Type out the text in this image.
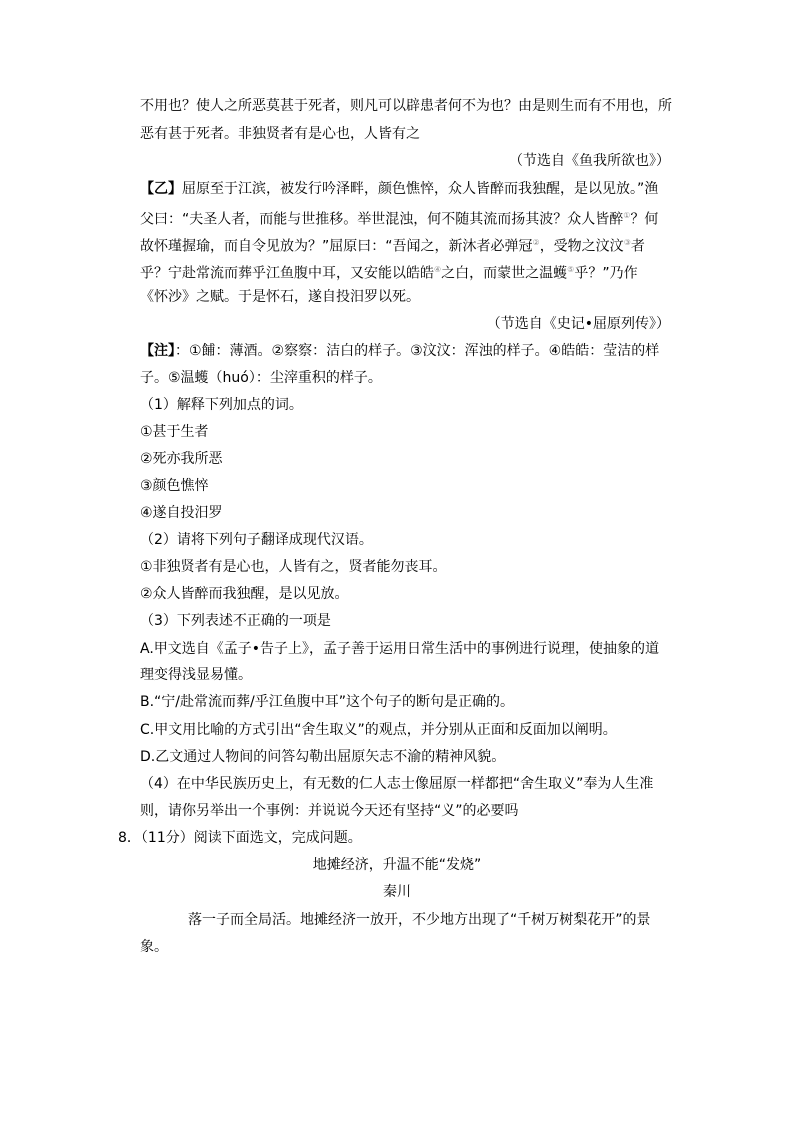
不用也？使人之所恶莫甚于死者，则凡可以辟患者何不为也？由是则生而有不用也，所
恶有甚于死者。非独贤者有是心也，人皆有之
（节选自《鱼我所欲也》）
【乙】屈原至于江滨，被发行吟泽畔，颜色憔悴，众人皆醉而我独醒，是以见放。”渔
父曰：“夫圣人者，而能与世推移。举世混浊，何不随其流而扬其波？众人皆醉①？何
故怀瑾握瑜，而自令见放为？”屈原曰：“吾闻之，新沐者必弹冠②，受物之汶汶③者
乎？宁赴常流而葬乎江鱼腹中耳，又安能以皓皓④之白，而蒙世之温蠖⑤乎？”乃作
《怀沙》之赋。于是怀石，遂自投汨罗以死。
（节选自《史记•屈原列传》）
【注】：①餔：薄酒。②察察：洁白的样子。③汶汶：浑浊的样子。④皓皓：莹洁的样
子。⑤温蠖（huó）：尘滓重积的样子。
（1）解释下列加点的词。
①甚于生者
②死亦我所恶
③颜色憔悴
④遂自投汨罗
（2）请将下列句子翻译成现代汉语。
①非独贤者有是心也，人皆有之，贤者能勿丧耳。
②众人皆醉而我独醒，是以见放。
（3）下列表述不正确的一项是
A.甲文选自《孟子•告子上》，孟子善于运用日常生活中的事例进行说理，使抽象的道
理变得浅显易懂。
B.“宁/赴常流而葬/乎江鱼腹中耳”这个句子的断句是正确的。
C.甲文用比喻的方式引出“舍生取义”的观点，并分别从正面和反面加以阐明。
D.乙文通过人物间的问答勾勒出屈原矢志不渝的精神风貌。
（4）在中华民族历史上，有无数的仁人志士像屈原一样都把“舍生取义”奉为人生准
则，请你另举出一个事例：并说说今天还有坚持“义”的必要吗
8．（11分）阅读下面选文，完成问题。
地摊经济，升温不能“发烧”
秦川
落一子而全局活。地摊经济一放开，不少地方出现了“千树万树梨花开”的景
象。
